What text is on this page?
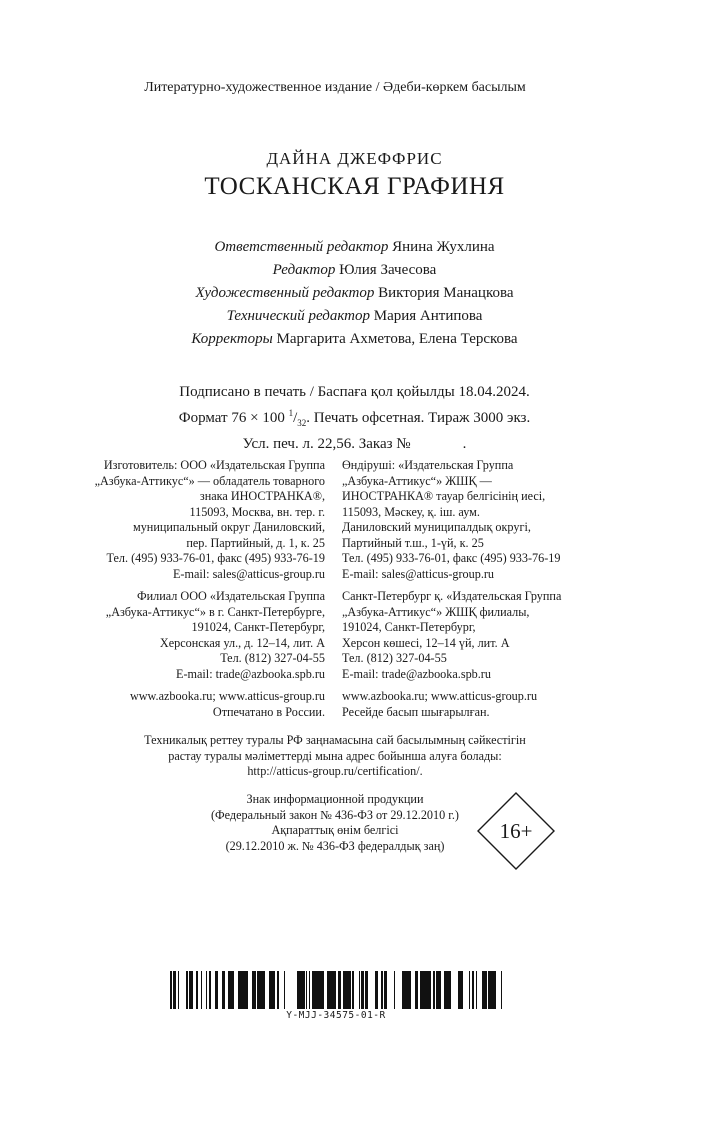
Литературно-художественное издание / Әдеби-көркем басылым
ДАЙНА ДЖЕФФРИС
ТОСКАНСКАЯ ГРАФИНЯ
Ответственный редактор Янина Жухлина
Редактор Юлия Зачесова
Художественный редактор Виктория Манацкова
Технический редактор Мария Антипова
Корректоры Маргарита Ахметова, Елена Терскова
Подписано в печать / Баспаға қол қойылды 18.04.2024.
Формат 76 × 100 $^1/_{32}$. Печать офсетная. Тираж 3000 экз.
Усл. печ. л. 22,56. Заказ №	.
Изготовитель: ООО «Издательская Группа
„Азбука-Аттикус“» — обладатель товарного
знака ИНОСТРАНКА®,
115093, Москва, вн. тер. г.
муниципальный округ Даниловский,
пер. Партийный, д. 1, к. 25
Тел. (495) 933-76-01, факс (495) 933-76-19
E-mail: sales@atticus-group.ru
Өндіруші: «Издательская Группа
„Азбука-Аттикус“» ЖШҚ —
ИНОСТРАНКА® тауар белгісінің иесі,
115093, Мәскеу, қ. іш. аум.
Даниловский муниципалдық округі,
Партийный т.ш., 1-үй, к. 25
Тел. (495) 933-76-01, факс (495) 933-76-19
E-mail: sales@atticus-group.ru
Филиал ООО «Издательская Группа
„Азбука-Аттикус“» в г. Санкт-Петербурге,
191024, Санкт-Петербург,
Херсонская ул., д. 12–14, лит. А
Тел. (812) 327-04-55
E-mail: trade@azbooka.spb.ru
Санкт-Петербург қ. «Издательская Группа
„Азбука-Аттикус“» ЖШҚ филиалы,
191024, Санкт-Петербург,
Херсон көшесі, 12–14 үй, лит. А
Тел. (812) 327-04-55
E-mail: trade@azbooka.spb.ru
www.azbooka.ru; www.atticus-group.ru
Отпечатано в России.
www.azbooka.ru; www.atticus-group.ru
Ресейде басып шығарылған.
Техникалық реттеу туралы РФ заңнамасына сай басылымның сәйкестігін
растау туралы мәліметтерді мына адрес бойынша алуға болады:
http://atticus-group.ru/certification/.
Знак информационной продукции
(Федеральный закон № 436-ФЗ от 29.12.2010 г.)
Ақпараттық өнім белгісі
(29.12.2010 ж. № 436-ФЗ федералдық заң)
16+
Y-MJJ-34575-01-R
